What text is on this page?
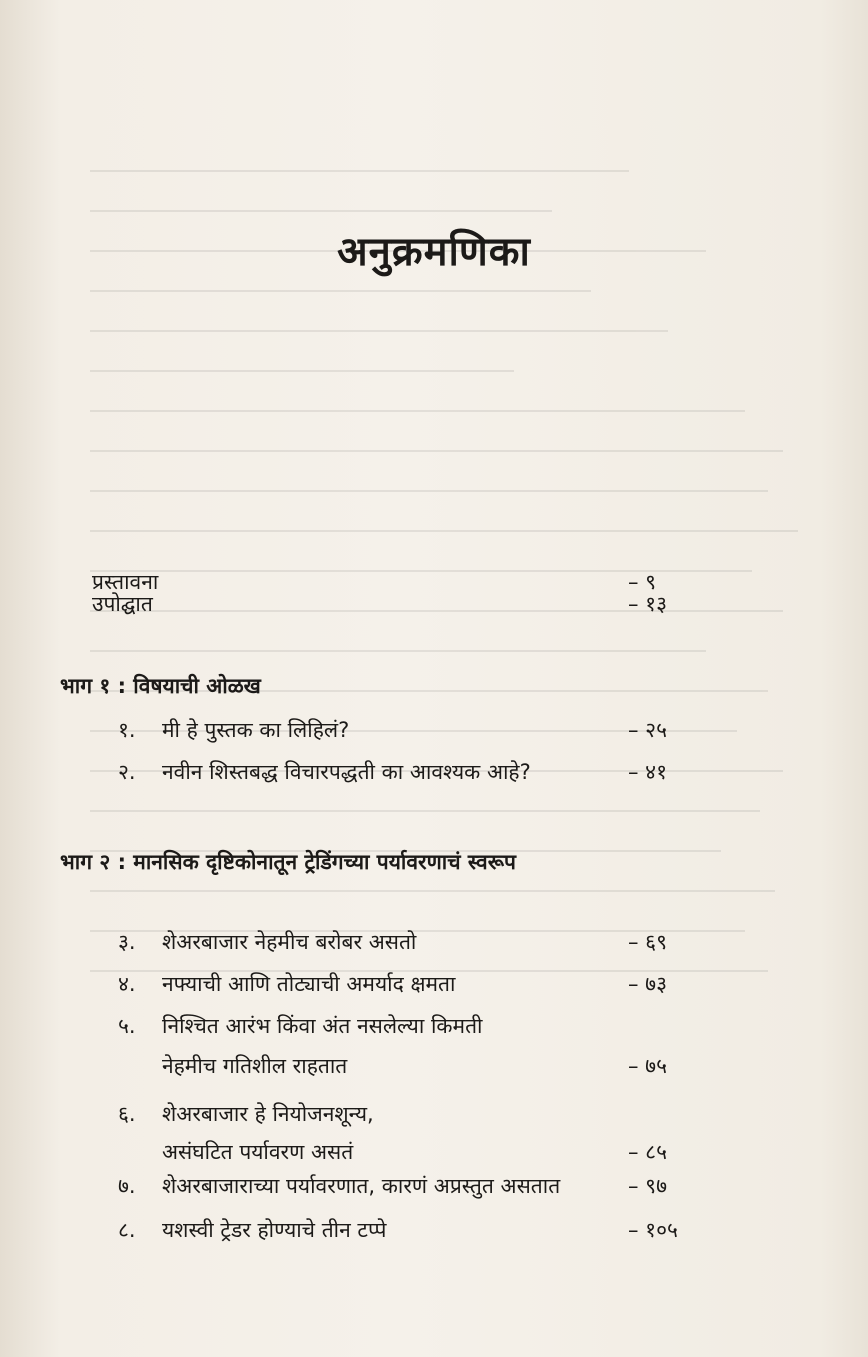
अनुक्रमणिका
प्रस्तावना	– ९
उपोद्घात	– १३
भाग १ : विषयाची ओळख
१. मी हे पुस्तक का लिहिलं?	– २५
२. नवीन शिस्तबद्ध विचारपद्धती का आवश्यक आहे?	– ४१
भाग २ : मानसिक दृष्टिकोनातून ट्रेडिंगच्या पर्यावरणाचं स्वरूप
३. शेअरबाजार नेहमीच बरोबर असतो	– ६९
४. नफ्याची आणि तोट्याची अमर्याद क्षमता	– ७३
५. निश्चित आरंभ किंवा अंत नसलेल्या किमती
नेहमीच गतिशील राहतात	– ७५
६. शेअरबाजार हे नियोजनशून्य,
असंघटित पर्यावरण असतं	– ८५
७. शेअरबाजाराच्या पर्यावरणात, कारणं अप्रस्तुत असतात	– ९७
८. यशस्वी ट्रेडर होण्याचे तीन टप्पे	– १०५
